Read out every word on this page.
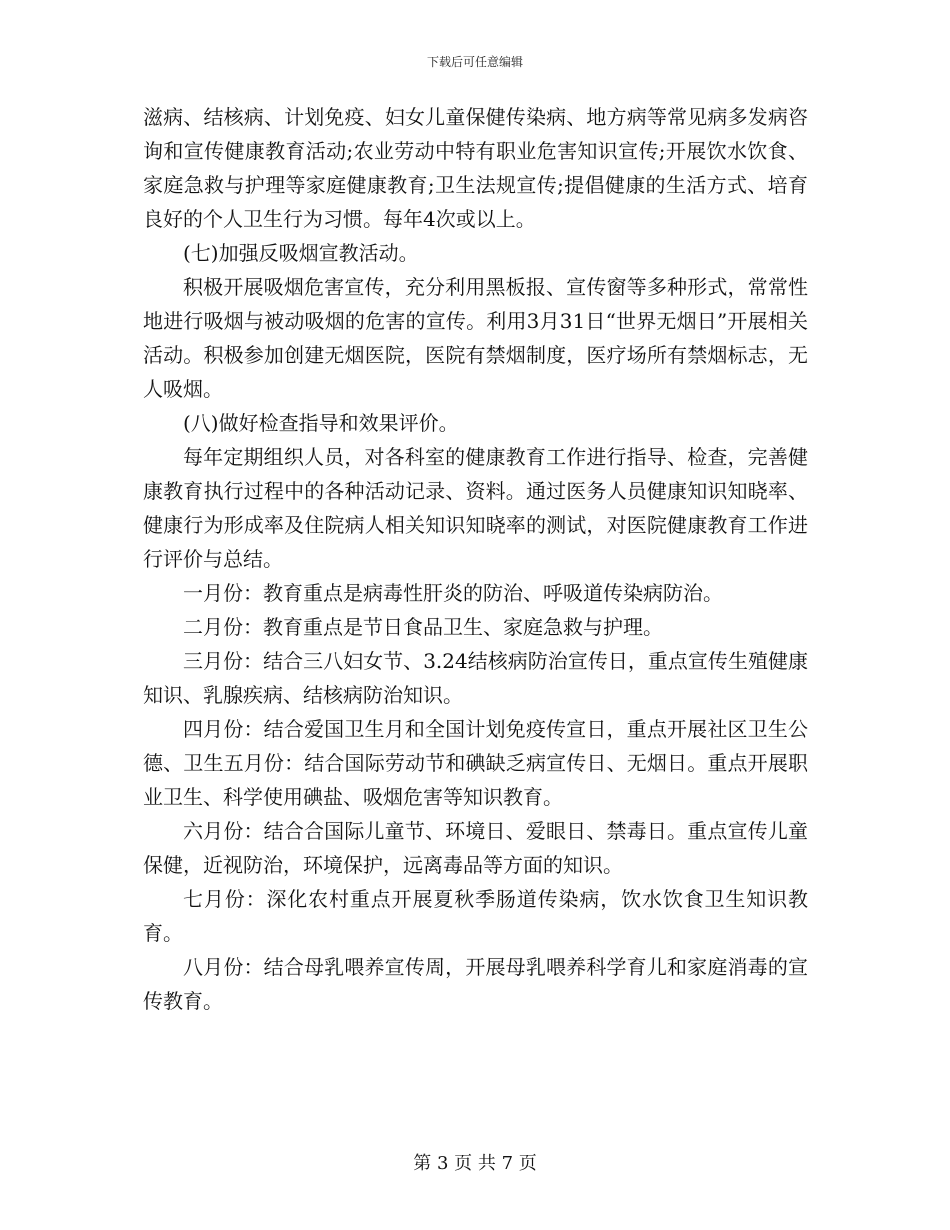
下载后可任意编辑

滋病、结核病、计划免疫、妇女儿童保健传染病、地方病等常见病多发病咨询和宣传健康教育活动;农业劳动中特有职业危害知识宣传;开展饮水饮食、家庭急救与护理等家庭健康教育;卫生法规宣传;提倡健康的生活方式、培育良好的个人卫生行为习惯。每年4次或以上。

(七)加强反吸烟宣教活动。

积极开展吸烟危害宣传，充分利用黑板报、宣传窗等多种形式，常常性地进行吸烟与被动吸烟的危害的宣传。利用3月31日“世界无烟日”开展相关活动。积极参加创建无烟医院，医院有禁烟制度，医疗场所有禁烟标志，无人吸烟。

(八)做好检查指导和效果评价。

每年定期组织人员，对各科室的健康教育工作进行指导、检查，完善健康教育执行过程中的各种活动记录、资料。通过医务人员健康知识知晓率、健康行为形成率及住院病人相关知识知晓率的测试，对医院健康教育工作进行评价与总结。

一月份：教育重点是病毒性肝炎的防治、呼吸道传染病防治。

二月份：教育重点是节日食品卫生、家庭急救与护理。

三月份：结合三八妇女节、3.24结核病防治宣传日，重点宣传生殖健康知识、乳腺疾病、结核病防治知识。

四月份：结合爱国卫生月和全国计划免疫传宣日，重点开展社区卫生公德、卫生五月份：结合国际劳动节和碘缺乏病宣传日、无烟日。重点开展职业卫生、科学使用碘盐、吸烟危害等知识教育。

六月份：结合合国际儿童节、环境日、爱眼日、禁毒日。重点宣传儿童保健，近视防治，环境保护，远离毒品等方面的知识。

七月份：深化农村重点开展夏秋季肠道传染病，饮水饮食卫生知识教育。

八月份：结合母乳喂养宣传周，开展母乳喂养科学育儿和家庭消毒的宣传教育。

第 3 页 共 7 页
